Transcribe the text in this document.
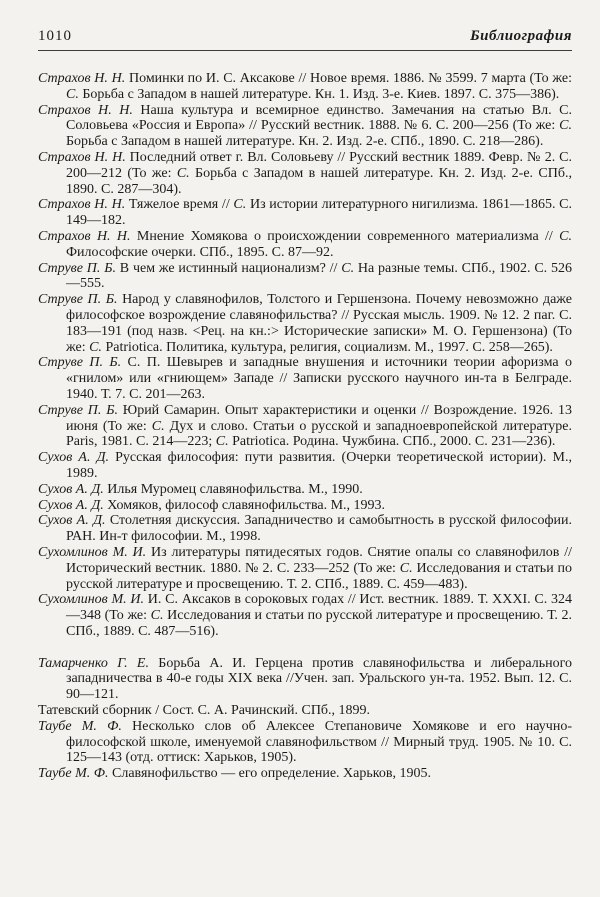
1010	Библиография

Страхов Н. Н. Поминки по И. С. Аксакове // Новое время. 1886. № 3599. 7 марта (То же: С. Борьба с Западом в нашей литературе. Кн. 1. Изд. 3-е. Киев. 1897. С. 375—386).

Страхов Н. Н. Наша культура и всемирное единство. Замечания на статью Вл. С. Соловьева «Россия и Европа» // Русский вестник. 1888. № 6. С. 200—256 (То же: С. Борьба с Западом в нашей литературе. Кн. 2. Изд. 2-е. СПб., 1890. С. 218—286).

Страхов Н. Н. Последний ответ г. Вл. Соловьеву // Русский вестник 1889. Февр. № 2. С. 200—212 (То же: С. Борьба с Западом в нашей литературе. Кн. 2. Изд. 2-е. СПб., 1890. С. 287—304).

Страхов Н. Н. Тяжелое время // С. Из истории литературного нигилизма. 1861—1865. С. 149—182.

Страхов Н. Н. Мнение Хомякова о происхождении современного материализма // С. Философские очерки. СПб., 1895. С. 87—92.

Струве П. Б. В чем же истинный национализм? // С. На разные темы. СПб., 1902. С. 526—555.

Струве П. Б. Народ у славянофилов, Толстого и Гершензона. Почему невозможно даже философское возрождение славянофильства? // Русская мысль. 1909. № 12. 2 паг. С. 183—191 (под назв. <Рец. на кн.:> Исторические записки» М. О. Гершензона) (То же: С. Patriotica. Политика, культура, религия, социализм. М., 1997. С. 258—265).

Струве П. Б. С. П. Шевырев и западные внушения и источники теории афоризма о «гнилом» или «гниющем» Западе // Записки русского научного ин-та в Белграде. 1940. Т. 7. С. 201—263.

Струве П. Б. Юрий Самарин. Опыт характеристики и оценки // Возрождение. 1926. 13 июня (То же: С. Дух и слово. Статьи о русской и западноевропейской литературе. Paris, 1981. С. 214—223; С. Patriotica. Родина. Чужбина. СПб., 2000. С. 231—236).

Сухов А. Д. Русская философия: пути развития. (Очерки теоретической истории). М., 1989.

Сухов А. Д. Илья Муромец славянофильства. М., 1990.

Сухов А. Д. Хомяков, философ славянофильства. М., 1993.

Сухов А. Д. Столетняя дискуссия. Западничество и самобытность в русской философии. РАН. Ин-т философии. М., 1998.

Сухомлинов М. И. Из литературы пятидесятых годов. Снятие опалы со славянофилов // Исторический вестник. 1880. № 2. С. 233—252 (То же: С. Исследования и статьи по русской литературе и просвещению. Т. 2. СПб., 1889. С. 459—483).

Сухомлинов М. И. И. С. Аксаков в сороковых годах // Ист. вестник. 1889. Т. XXXI. С. 324—348 (То же: С. Исследования и статьи по русской литературе и просвещению. Т. 2. СПб., 1889. С. 487—516).

Тамарченко Г. Е. Борьба А. И. Герцена против славянофильства и либерального западничества в 40-е годы XIX века //Учен. зап. Уральского ун-та. 1952. Вып. 12. С. 90—121.

Татевский сборник / Сост. С. А. Рачинский. СПб., 1899.

Таубе М. Ф. Несколько слов об Алексее Степановиче Хомякове и его научно-философской школе, именуемой славянофильством // Мирный труд. 1905. № 10. С. 125—143 (отд. оттиск: Харьков, 1905).

Таубе М. Ф. Славянофильство — его определение. Харьков, 1905.
